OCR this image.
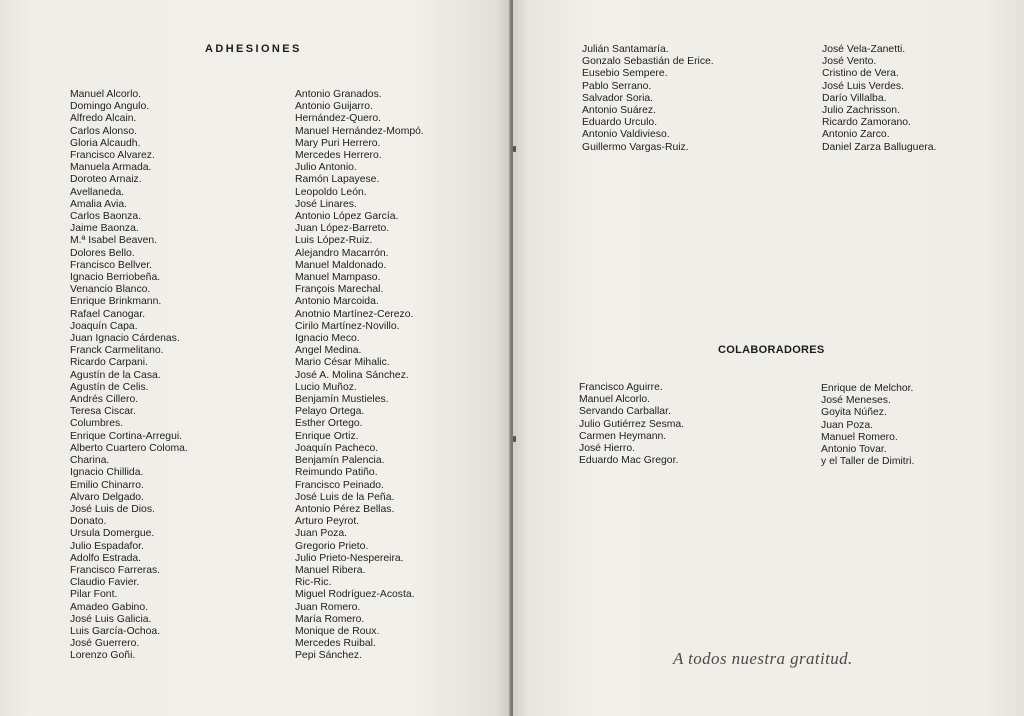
ADHESIONES
Manuel Alcorlo.
Domingo Angulo.
Alfredo Alcain.
Carlos Alonso.
Gloria Alcaudh.
Francisco Alvarez.
Manuela Armada.
Doroteo Arnaiz.
Avellaneda.
Amalia Avia.
Carlos Baonza.
Jaime Baonza.
M.ª Isabel Beaven.
Dolores Bello.
Francisco Bellver.
Ignacio Berriobeña.
Venancio Blanco.
Enrique Brinkmann.
Rafael Canogar.
Joaquín Capa.
Juan Ignacio Cárdenas.
Franck Carmelitano.
Ricardo Carpani.
Agustín de la Casa.
Agustín de Celis.
Andrés Cillero.
Teresa Ciscar.
Columbres.
Enrique Cortina-Arregui.
Alberto Cuartero Coloma.
Charina.
Ignacio Chillida.
Emilio Chinarro.
Alvaro Delgado.
José Luis de Dios.
Donato.
Ursula Domergue.
Julio Espadafor.
Adolfo Estrada.
Francisco Farreras.
Claudio Favier.
Pilar Font.
Amadeo Gabino.
José Luis Galicia.
Luis García-Ochoa.
José Guerrero.
Lorenzo Goñi.
Antonio Granados.
Antonio Guijarro.
Hernández-Quero.
Manuel Hernández-Mompó.
Mary Puri Herrero.
Mercedes Herrero.
Julio Antonio.
Ramón Lapayese.
Leopoldo León.
José Linares.
Antonio López García.
Juan López-Barreto.
Luis López-Ruiz.
Alejandro Macarrón.
Manuel Maldonado.
Manuel Mampaso.
François Marechal.
Antonio Marcoida.
Anotnio Martínez-Cerezo.
Cirilo Martínez-Novillo.
Ignacio Meco.
Angel Medina.
Mario César Mihalic.
José A. Molina Sánchez.
Lucio Muñoz.
Benjamín Mustieles.
Pelayo Ortega.
Esther Ortego.
Enrique Ortiz.
Joaquín Pacheco.
Benjamín Palencia.
Reimundo Patiño.
Francisco Peinado.
José Luis de la Peña.
Antonio Pérez Bellas.
Arturo Peyrot.
Juan Poza.
Gregorio Prieto.
Julio Prieto-Nespereira.
Manuel Ribera.
Ric-Ric.
Miguel Rodríguez-Acosta.
Juan Romero.
María Romero.
Monique de Roux.
Mercedes Ruibal.
Pepi Sánchez.
Julián Santamaría.
Gonzalo Sebastián de Erice.
Eusebio Sempere.
Pablo Serrano.
Salvador Soria.
Antonio Suárez.
Eduardo Urculo.
Antonio Valdivieso.
Guillermo Vargas-Ruiz.
José Vela-Zanetti.
José Vento.
Cristino de Vera.
José Luis Verdes.
Darío Villalba.
Julio Zachrisson.
Ricardo Zamorano.
Antonio Zarco.
Daniel Zarza Balluguera.
COLABORADORES
Francisco Aguirre.
Manuel Alcorlo.
Servando Carballar.
Julio Gutiérrez Sesma.
Carmen Heymann.
José Hierro.
Eduardo Mac Gregor.
Enrique de Melchor.
José Meneses.
Goyita Núñez.
Juan Poza.
Manuel Romero.
Antonio Tovar.
y el Taller de Dimitri.

A todos nuestra gratitud.
